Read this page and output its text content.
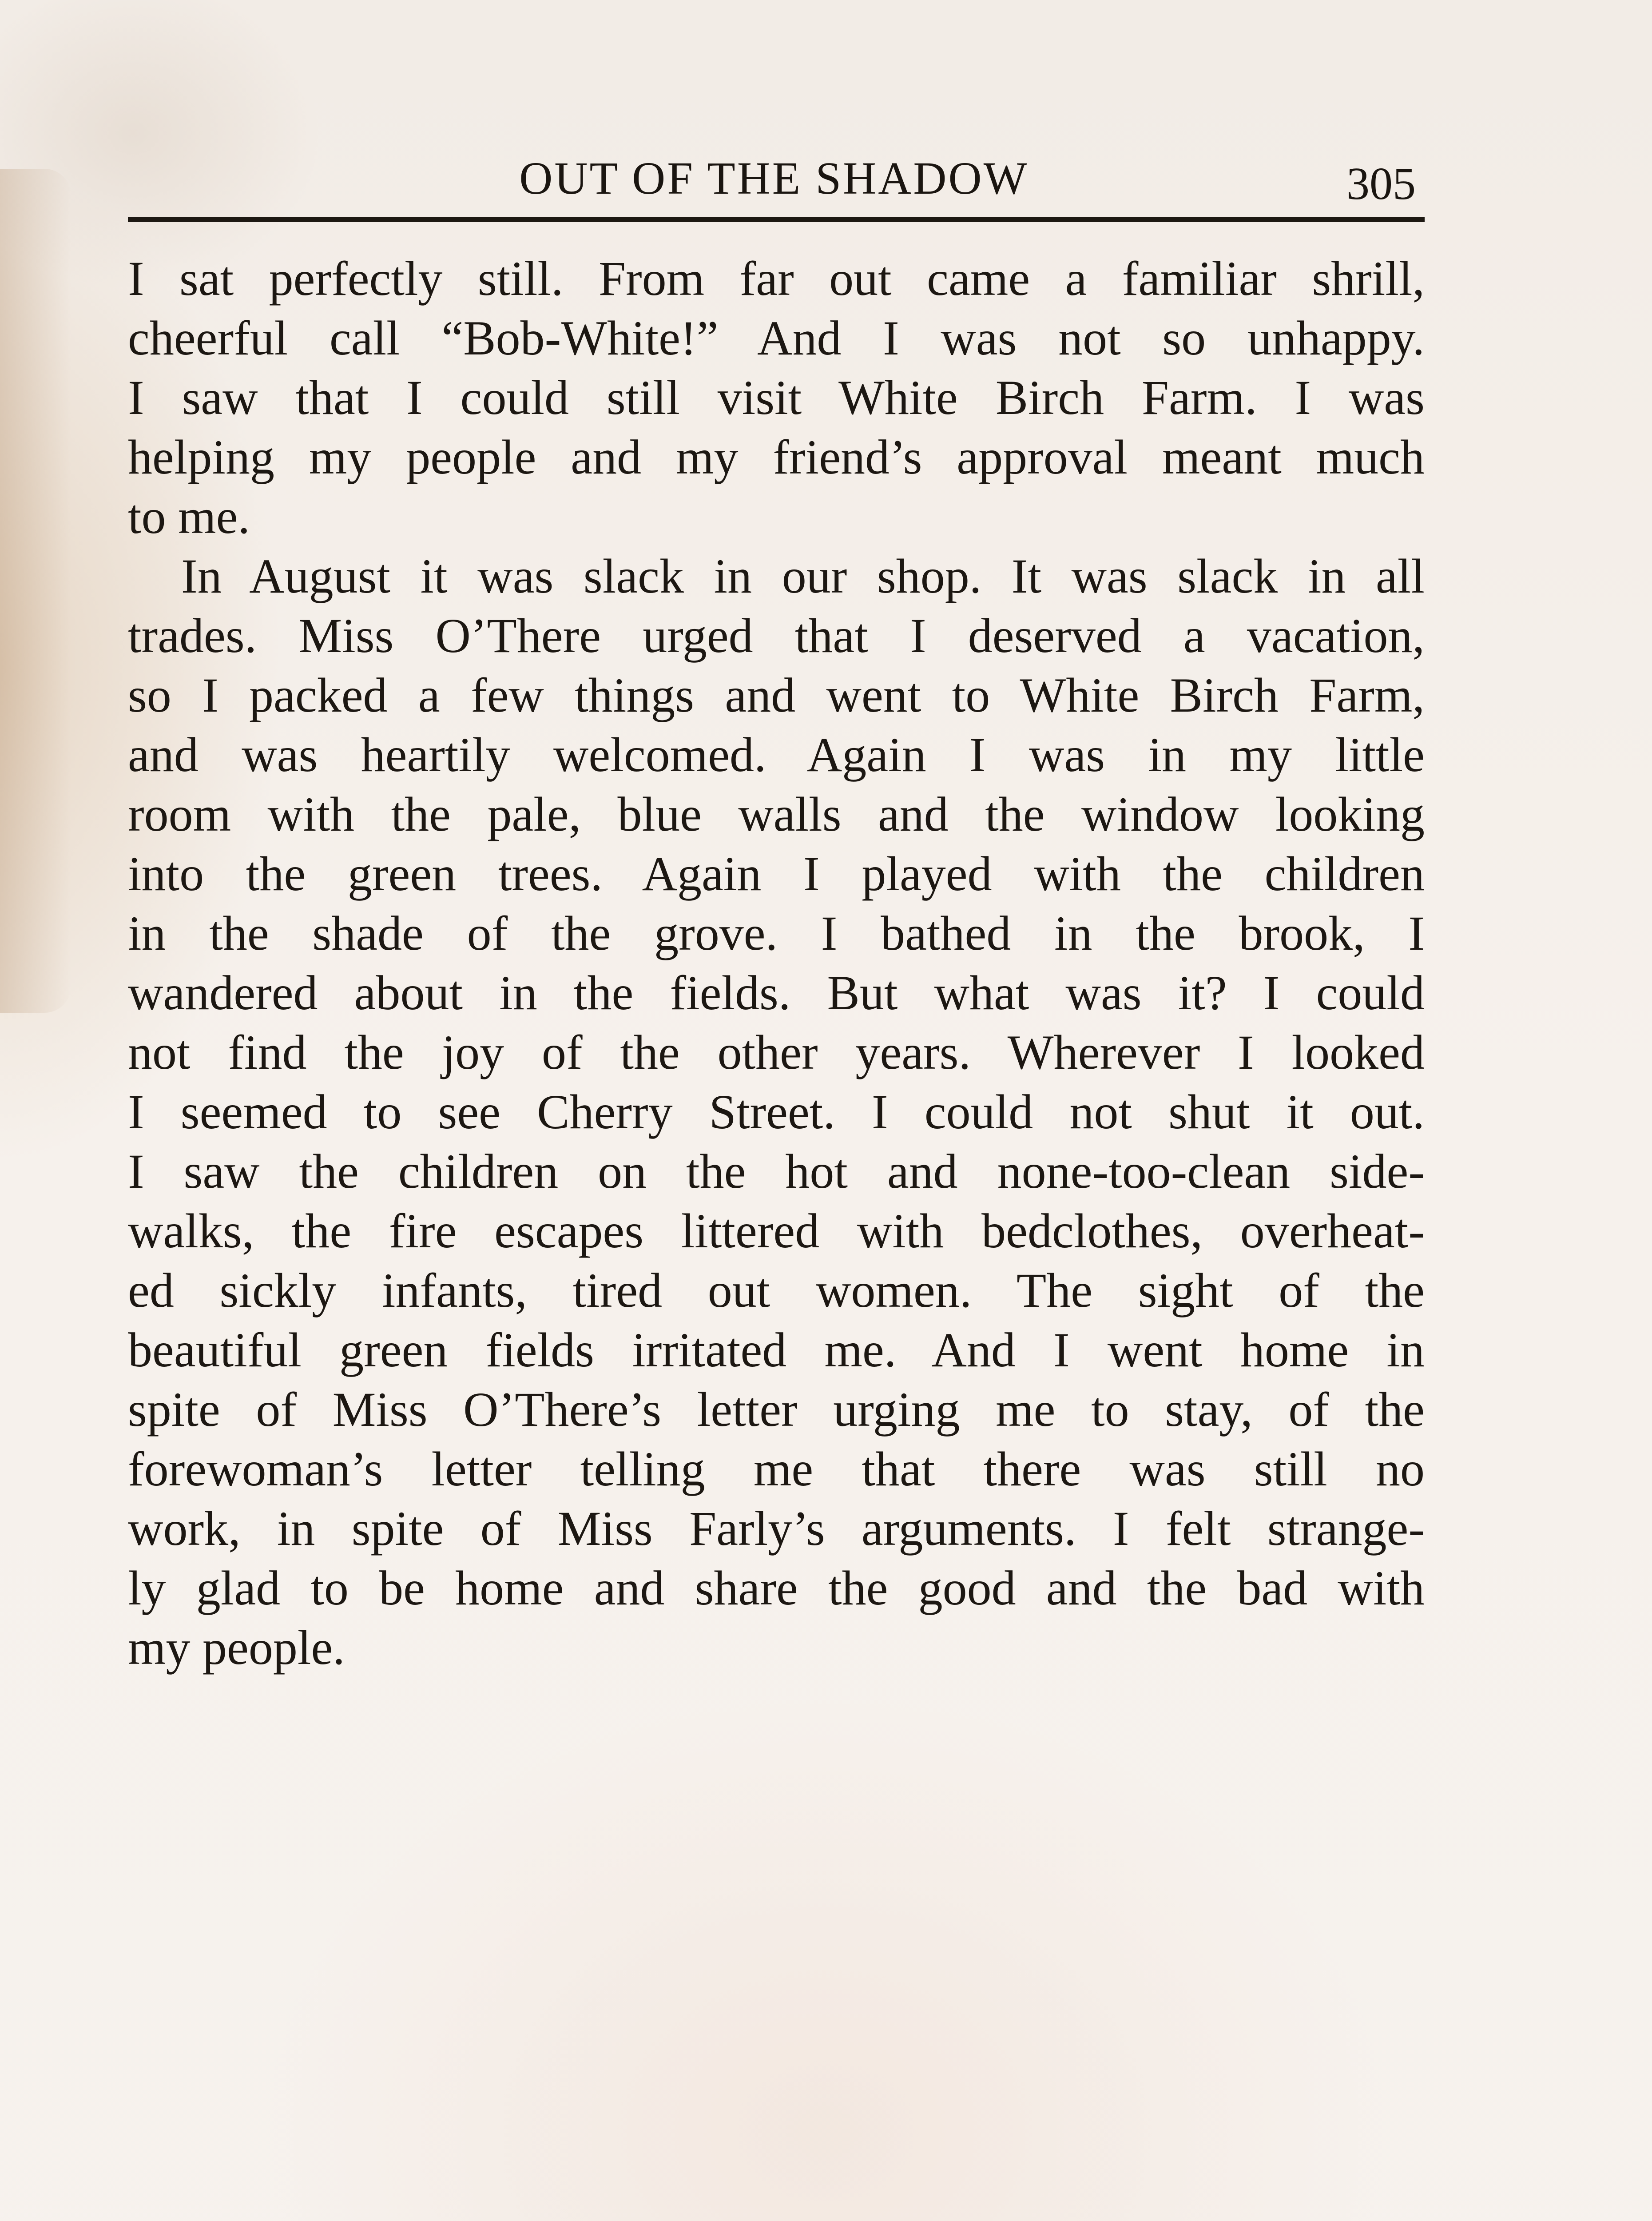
OUT OF THE SHADOW	305
I sat perfectly still. From far out came a familiar shrill,
cheerful call “Bob-White!” And I was not so unhappy.
I saw that I could still visit White Birch Farm. I was
helping my people and my friend’s approval meant much
to me.
In August it was slack in our shop. It was slack in all
trades. Miss O’There urged that I deserved a vacation,
so I packed a few things and went to White Birch Farm,
and was heartily welcomed. Again I was in my little
room with the pale, blue walls and the window looking
into the green trees. Again I played with the children
in the shade of the grove. I bathed in the brook, I
wandered about in the fields. But what was it? I could
not find the joy of the other years. Wherever I looked
I seemed to see Cherry Street. I could not shut it out.
I saw the children on the hot and none-too-clean side-
walks, the fire escapes littered with bedclothes, overheat-
ed sickly infants, tired out women. The sight of the
beautiful green fields irritated me. And I went home in
spite of Miss O’There’s letter urging me to stay, of the
forewoman’s letter telling me that there was still no
work, in spite of Miss Farly’s arguments. I felt strange-
ly glad to be home and share the good and the bad with
my people.
